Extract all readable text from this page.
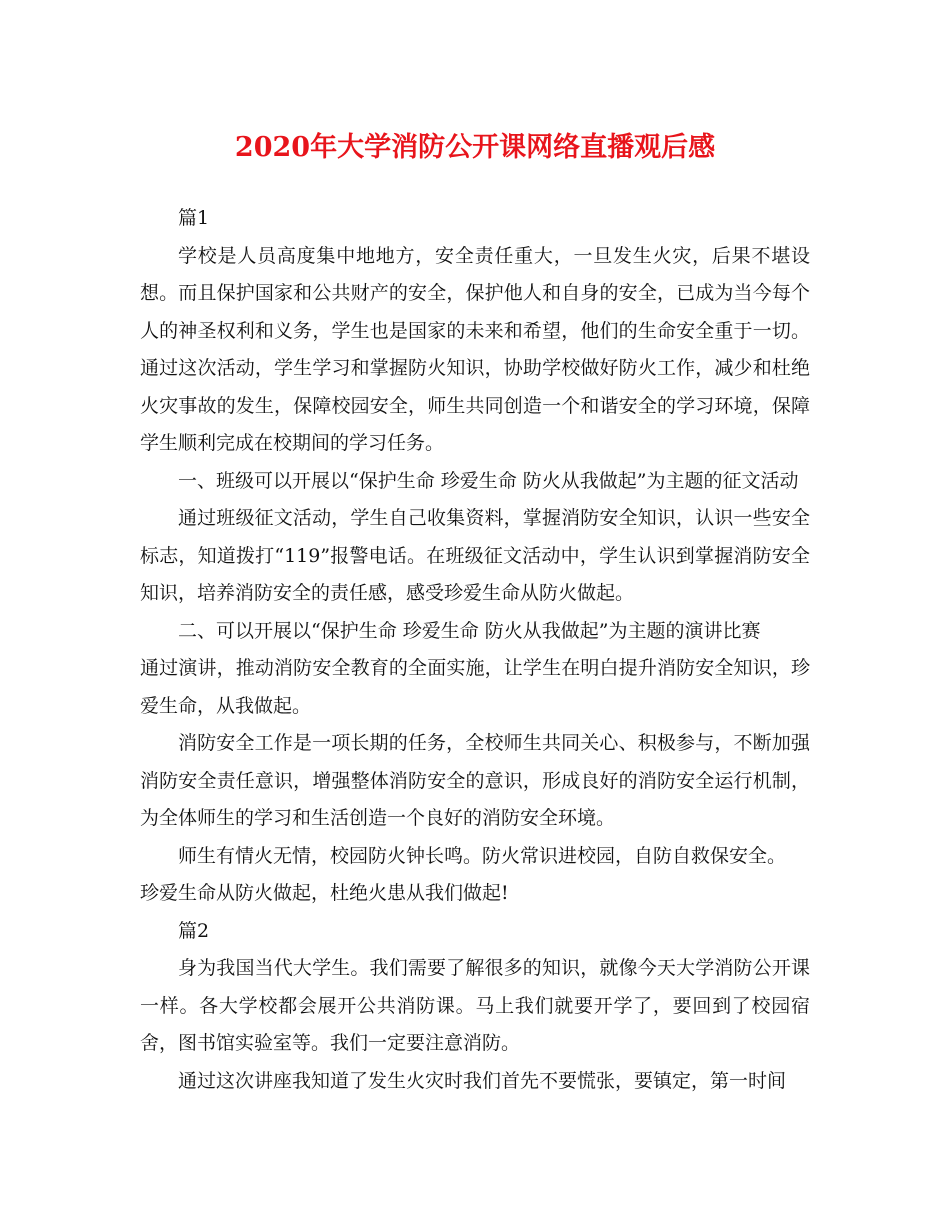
2020年大学消防公开课网络直播观后感

篇1

学校是人员高度集中地地方，安全责任重大，一旦发生火灾，后果不堪设想。而且保护国家和公共财产的安全，保护他人和自身的安全，已成为当今每个人的神圣权利和义务，学生也是国家的未来和希望，他们的生命安全重于一切。通过这次活动，学生学习和掌握防火知识，协助学校做好防火工作，减少和杜绝火灾事故的发生，保障校园安全，师生共同创造一个和谐安全的学习环境，保障学生顺利完成在校期间的学习任务。

一、班级可以开展以“保护生命 珍爱生命 防火从我做起”为主题的征文活动

通过班级征文活动，学生自己收集资料，掌握消防安全知识，认识一些安全标志，知道拨打“119”报警电话。在班级征文活动中，学生认识到掌握消防安全知识，培养消防安全的责任感，感受珍爱生命从防火做起。

二、可以开展以“保护生命 珍爱生命 防火从我做起”为主题的演讲比赛

通过演讲，推动消防安全教育的全面实施，让学生在明白提升消防安全知识，珍爱生命，从我做起。

消防安全工作是一项长期的任务，全校师生共同关心、积极参与，不断加强消防安全责任意识，增强整体消防安全的意识，形成良好的消防安全运行机制，为全体师生的学习和生活创造一个良好的消防安全环境。

师生有情火无情，校园防火钟长鸣。防火常识进校园，自防自救保安全。

珍爱生命从防火做起，杜绝火患从我们做起!

篇2

身为我国当代大学生。我们需要了解很多的知识，就像今天大学消防公开课一样。各大学校都会展开公共消防课。马上我们就要开学了，要回到了校园宿舍，图书馆实验室等。我们一定要注意消防。

通过这次讲座我知道了发生火灾时我们首先不要慌张，要镇定，第一时间
